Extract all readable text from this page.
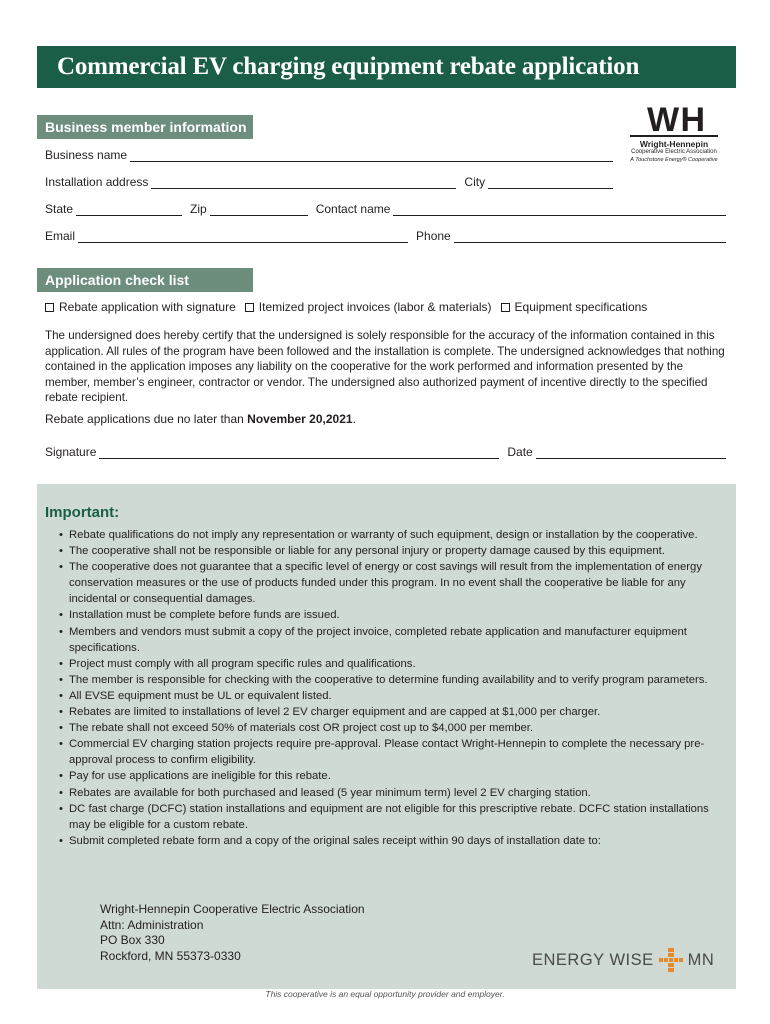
Commercial EV charging equipment rebate application
Business member information	W H
Wright-Hennepin
Cooperative Electric Association
A Touchstone Energy® Cooperative
Business name
Installation address	City
State	Zip	Contact name
Email	Phone
Application check list
Rebate application with signature Itemized project invoices (labor & materials) Equipment specifications

The undersigned does hereby certify that the undersigned is solely responsible for the accuracy of the information contained in this application. All rules of the program have been followed and the installation is complete. The undersigned acknowledges that nothing contained in the application imposes any liability on the cooperative for the work performed and information presented by the member, member’s engineer, contractor or vendor. The undersigned also authorized payment of incentive directly to the specified rebate recipient.

Rebate applications due no later than November 20,2021.
Signature	Date
Important:
• Rebate qualifications do not imply any representation or warranty of such equipment, design or installation by the cooperative.
• The cooperative shall not be responsible or liable for any personal injury or property damage caused by this equipment.
• The cooperative does not guarantee that a specific level of energy or cost savings will result from the implementation of energy conservation measures or the use of products funded under this program. In no event shall the cooperative be liable for any incidental or consequential damages.
• Installation must be complete before funds are issued.
• Members and vendors must submit a copy of the project invoice, completed rebate application and manufacturer equipment specifications.
• Project must comply with all program specific rules and qualifications.
• The member is responsible for checking with the cooperative to determine funding availability and to verify program parameters.
• All EVSE equipment must be UL or equivalent listed.
• Rebates are limited to installations of level 2 EV charger equipment and are capped at $1,000 per charger.
• The rebate shall not exceed 50% of materials cost OR project cost up to $4,000 per member.
• Commercial EV charging station projects require pre-approval. Please contact Wright-Hennepin to complete the necessary pre-approval process to confirm eligibility.
• Pay for use applications are ineligible for this rebate.
• Rebates are available for both purchased and leased (5 year minimum term) level 2 EV charging station.
• DC fast charge (DCFC) station installations and equipment are not eligible for this prescriptive rebate. DCFC station installations may be eligible for a custom rebate.
• Submit completed rebate form and a copy of the original sales receipt within 90 days of installation date to:
Wright-Hennepin Cooperative Electric Association
Attn: Administration
PO Box 330
Rockford, MN 55373-0330	ENERGY WISE MN
This cooperative is an equal opportunity provider and employer.
